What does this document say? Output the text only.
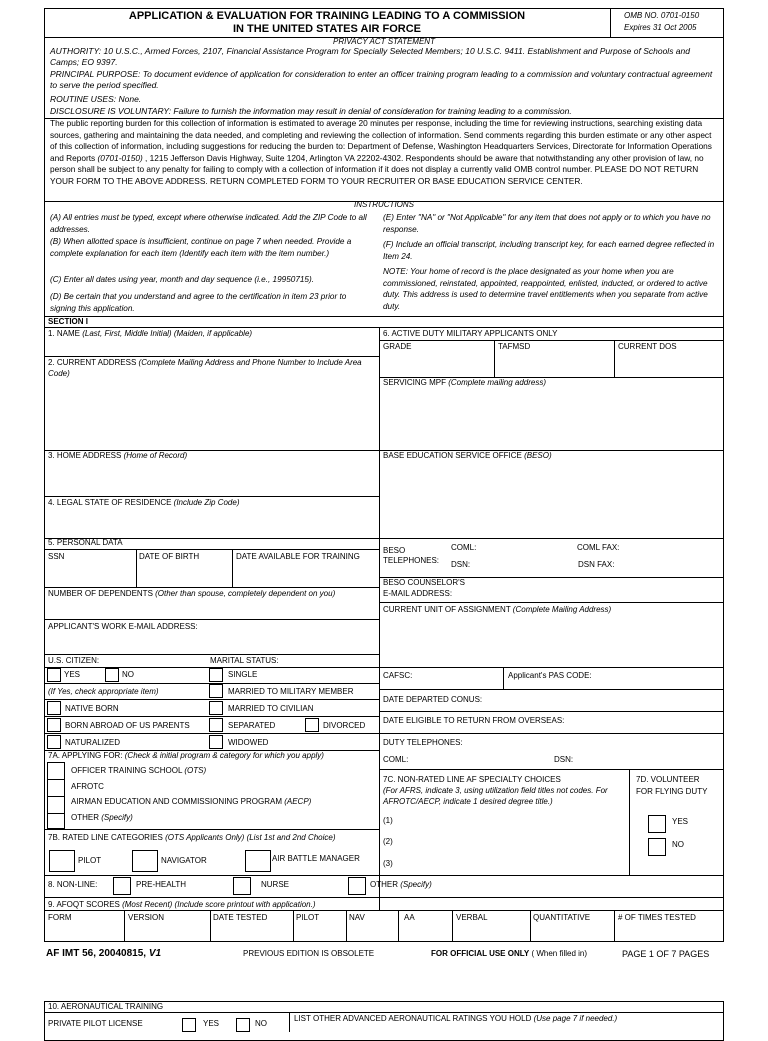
APPLICATION & EVALUATION FOR TRAINING LEADING TO A COMMISSION
IN THE UNITED STATES AIR FORCE
OMB NO. 0701-0150
Expires 31 Oct 2005
PRIVACY ACT STATEMENT
AUTHORITY: 10 U.S.C., Armed Forces, 2107, Financial Assistance Program for Specially Selected Members; 10 U.S.C. 9411. Establishment and Purpose of Schools and Camps; EO 9397.
PRINCIPAL PURPOSE: To document evidence of application for consideration to enter an officer training program leading to a commission and voluntary contractual agreement to serve the period specified.
ROUTINE USES: None.
DISCLOSURE IS VOLUNTARY: Failure to furnish the information may result in denial of consideration for training leading to a commission.
The public reporting burden for this collection of information is estimated to average 20 minutes per response, including the time for reviewing instructions, searching existing data sources, gathering and maintaining the data needed, and completing and reviewing the collection of information. Send comments regarding this burden estimate or any other aspect of this collection of information, including suggestions for reducing the burden to: Department of Defense, Washington Headquarters Services, Directorate for Information Operations and Reports (0701-0150) , 1215 Jefferson Davis Highway, Suite 1204, Arlington VA 22202-4302. Respondents should be aware that notwithstanding any other provision of law, no person shall be subject to any penalty for failing to comply with a collection of information if it does not display a currently valid OMB control number. PLEASE DO NOT RETURN YOUR FORM TO THE ABOVE ADDRESS. RETURN COMPLETED FORM TO YOUR RECRUITER OR BASE EDUCATION SERVICE CENTER.
INSTRUCTIONS
(A) All entries must be typed, except where otherwise indicated. Add the ZIP Code to all addresses.
(B) When allotted space is insufficient, continue on page 7 when needed. Provide a complete explanation for each item (Identify each item with the item number.)
(C) Enter all dates using year, month and day sequence (i.e., 19950715).
(D) Be certain that you understand and agree to the certification in item 23 prior to signing this application.
(E) Enter "NA" or "Not Applicable" for any item that does not apply or to which you have no response.
(F) Include an official transcript, including transcript key, for each earned degree reflected in Item 24.
NOTE: Your home of record is the place designated as your home when you are commissioned, reinstated, appointed, reappointed, enlisted, inducted, or ordered to active duty. This address is used to determine travel entitlements when you separate from active duty.
SECTION I
1. NAME (Last, First, Middle Initial) (Maiden, if applicable)
2. CURRENT ADDRESS (Complete Mailing Address and Phone Number to Include Area Code)
3. HOME ADDRESS (Home of Record)
4. LEGAL STATE OF RESIDENCE (Include Zip Code)
5. PERSONAL DATA
SSN	DATE OF BIRTH	DATE AVAILABLE FOR TRAINING
NUMBER OF DEPENDENTS (Other than spouse, completely dependent on you)
APPLICANT'S WORK E-MAIL ADDRESS:
U.S. CITIZEN:	MARITAL STATUS:
YES	NO	SINGLE
(If Yes, check appropriate item)	MARRIED TO MILITARY MEMBER
NATIVE BORN	MARRIED TO CIVILIAN
BORN ABROAD OF US PARENTS	SEPARATED	DIVORCED
NATURALIZED	WIDOWED
7A. APPLYING FOR: (Check & initial program & category for which you apply)
OFFICER TRAINING SCHOOL (OTS)
AFROTC
AIRMAN EDUCATION AND COMMISSIONING PROGRAM (AECP)
OTHER (Specify)
7B. RATED LINE CATEGORIES (OTS Applicants Only) (List 1st and 2nd Choice)
PILOT	NAVIGATOR	AIR BATTLE MANAGER
6. ACTIVE DUTY MILITARY APPLICANTS ONLY
GRADE	TAFMSD	CURRENT DOS
SERVICING MPF (Complete mailing address)
BASE EDUCATION SERVICE OFFICE (BESO)
BESO
TELEPHONES:
COML:
DSN:
COML FAX:
DSN FAX:
BESO COUNSELOR'S
E-MAIL ADDRESS:
CURRENT UNIT OF ASSIGNMENT (Complete Mailing Address)
CAFSC:	Applicant's PAS CODE:
DATE DEPARTED CONUS:
DATE ELIGIBLE TO RETURN FROM OVERSEAS:
DUTY TELEPHONES:
COML:	DSN:
7C. NON-RATED LINE AF SPECIALTY CHOICES
(For AFRS, indicate 3, using utilization field titles not codes. For AFROTC/AECP, indicate 1 desired degree title.)
(1)
(2)
(3)
7D. VOLUNTEER
FOR FLYING DUTY
YES
NO
8. NON-LINE:	PRE-HEALTH	NURSE	OTHER (Specify)
9. AFOQT SCORES (Most Recent) (Include score printout with application.)
FORM	VERSION	DATE TESTED	PILOT	NAV	AA	VERBAL	QUANTITATIVE	# OF TIMES TESTED
AF IMT 56, 20040815, V1	PREVIOUS EDITION IS OBSOLETE	FOR OFFICIAL USE ONLY ( When filled in)	PAGE 1 OF 7 PAGES
10. AERONAUTICAL TRAINING
PRIVATE PILOT LICENSE	YES	NO
LIST OTHER ADVANCED AERONAUTICAL RATINGS YOU HOLD (Use page 7 if needed.)
